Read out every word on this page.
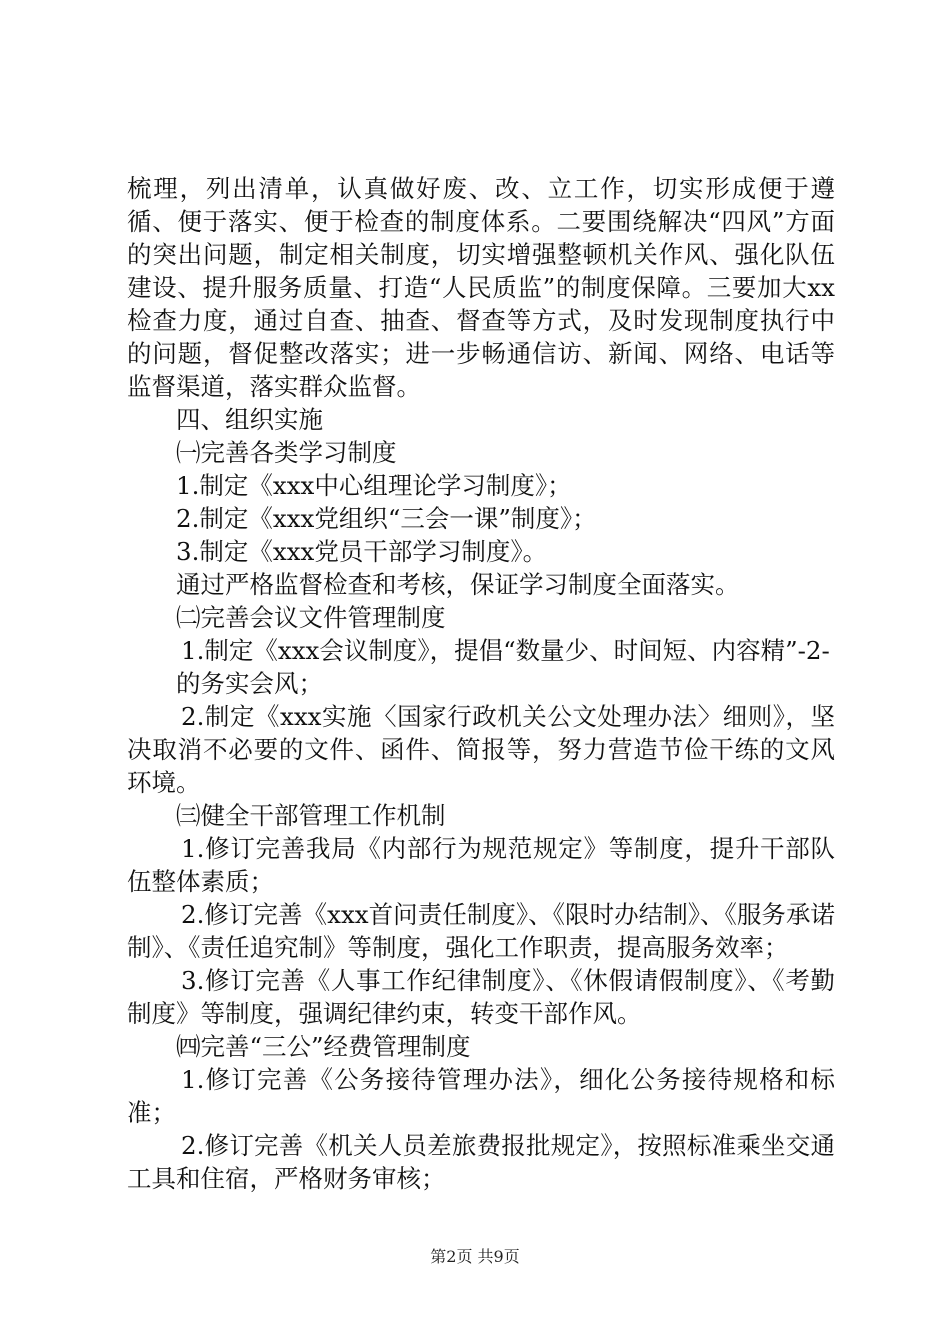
梳理，列出清单，认真做好废、改、立工作，切实形成便于遵循、便于落实、便于检查的制度体系。二要围绕解决“四风”方面的突出问题，制定相关制度，切实增强整顿机关作风、强化队伍建设、提升服务质量、打造“人民质监”的制度保障。三要加大xx检查力度，通过自查、抽查、督查等方式，及时发现制度执行中的问题，督促整改落实；进一步畅通信访、新闻、网络、电话等监督渠道，落实群众监督。

四、组织实施

㈠完善各类学习制度

1.制定《xxx中心组理论学习制度》；

2.制定《xxx党组织“三会一课”制度》；

3.制定《xxx党员干部学习制度》。

通过严格监督检查和考核，保证学习制度全面落实。

㈡完善会议文件管理制度

1.制定《xxx会议制度》，提倡“数量少、时间短、内容精”-2-

的务实会风；

2.制定《xxx实施〈国家行政机关公文处理办法〉细则》，坚决取消不必要的文件、函件、简报等，努力营造节俭干练的文风环境。

㈢健全干部管理工作机制

1.修订完善我局《内部行为规范规定》等制度，提升干部队伍整体素质；

2.修订完善《xxx首问责任制度》、《限时办结制》、《服务承诺制》、《责任追究制》等制度，强化工作职责，提高服务效率；

3.修订完善《人事工作纪律制度》、《休假请假制度》、《考勤制度》等制度，强调纪律约束，转变干部作风。

㈣完善“三公”经费管理制度

1.修订完善《公务接待管理办法》，细化公务接待规格和标准；

2.修订完善《机关人员差旅费报批规定》，按照标准乘坐交通工具和住宿，严格财务审核；

第2页 共9页
